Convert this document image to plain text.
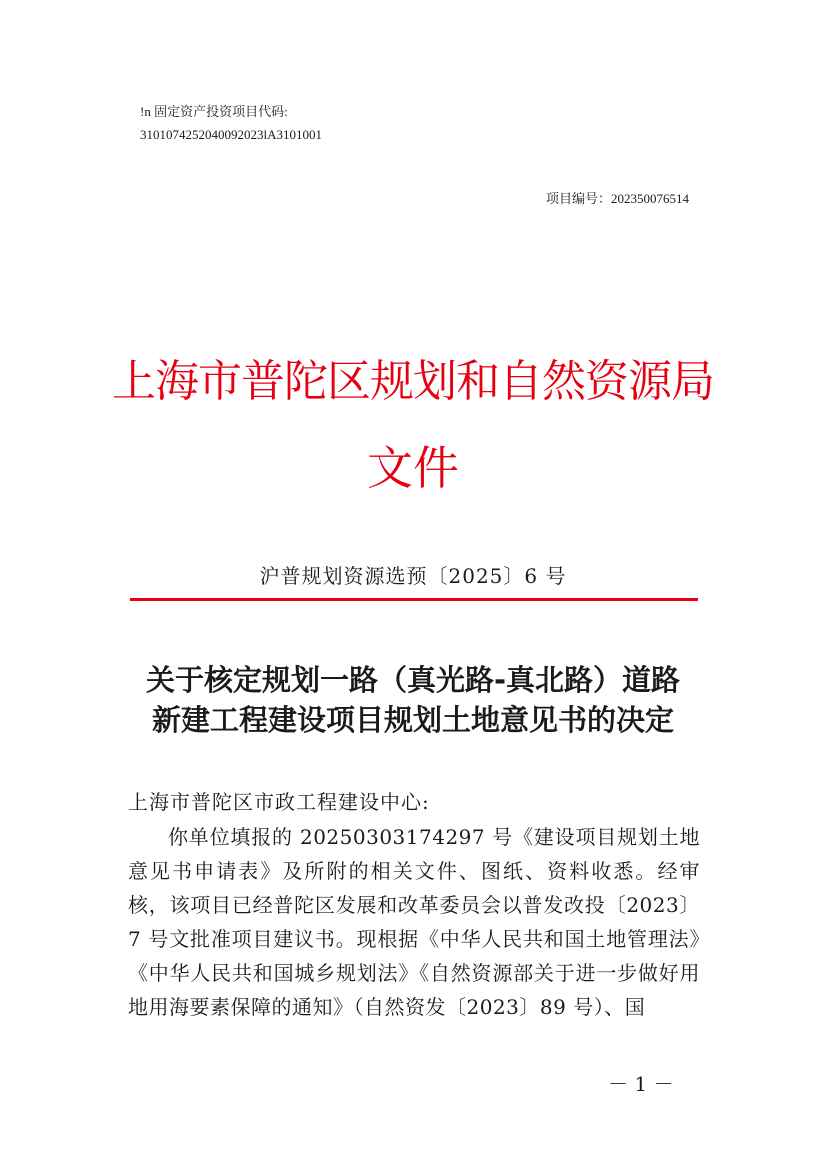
!n 固定资产投资项目代码:
3101074252040092023lA3101001
项目编号：202350076514
上海市普陀区规划和自然资源局
文件
沪普规划资源选预〔2025〕6 号
关于核定规划一路（真光路-真北路）道路
新建工程建设项目规划土地意见书的决定
上海市普陀区市政工程建设中心:
你单位填报的 20250303174297 号《建设项目规划土地意见书申请表》及所附的相关文件、图纸、资料收悉。经审核，该项目已经普陀区发展和改革委员会以普发改投〔2023〕7 号文批准项目建议书。现根据《中华人民共和国土地管理法》《中华人民共和国城乡规划法》《自然资源部关于进一步做好用地用海要素保障的通知》（自然资发〔2023〕89 号）、国
－ 1 －
